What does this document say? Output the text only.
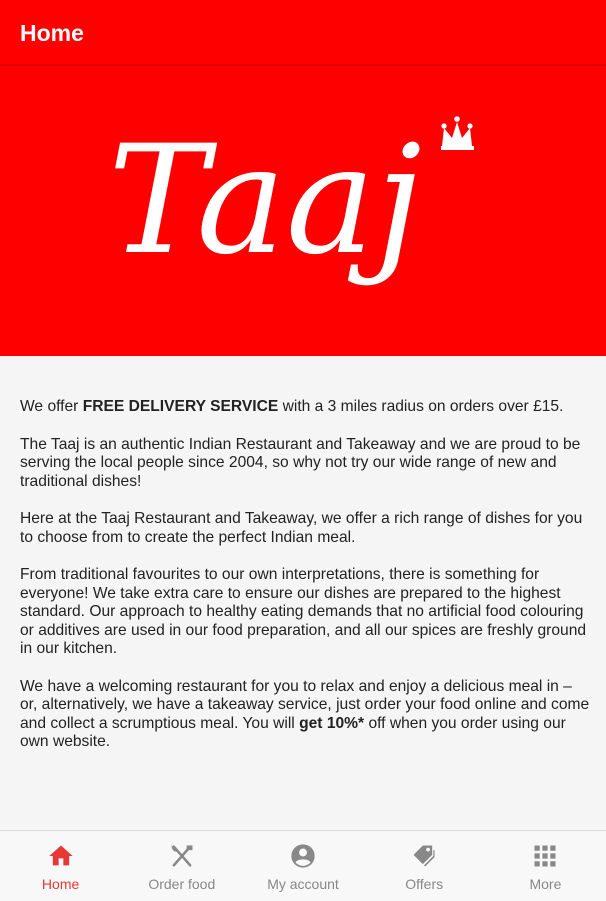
Home
Taaj

We offer FREE DELIVERY SERVICE with a 3 miles radius on orders over £15.

The Taaj is an authentic Indian Restaurant and Takeaway and we are proud to be serving the local people since 2004, so why not try our wide range of new and traditional dishes!

Here at the Taaj Restaurant and Takeaway, we offer a rich range of dishes for you to choose from to create the perfect Indian meal.

From traditional favourites to our own interpretations, there is something for everyone! We take extra care to ensure our dishes are prepared to the highest standard. Our approach to healthy eating demands that no artificial food colouring or additives are used in our food preparation, and all our spices are freshly ground in our kitchen.

We have a welcoming restaurant for you to relax and enjoy a delicious meal in – or, alternatively, we have a takeaway service, just order your food online and come and collect a scrumptious meal. You will get 10%* off when you order using our own website.

Home	Order food	My account	Offers	More
